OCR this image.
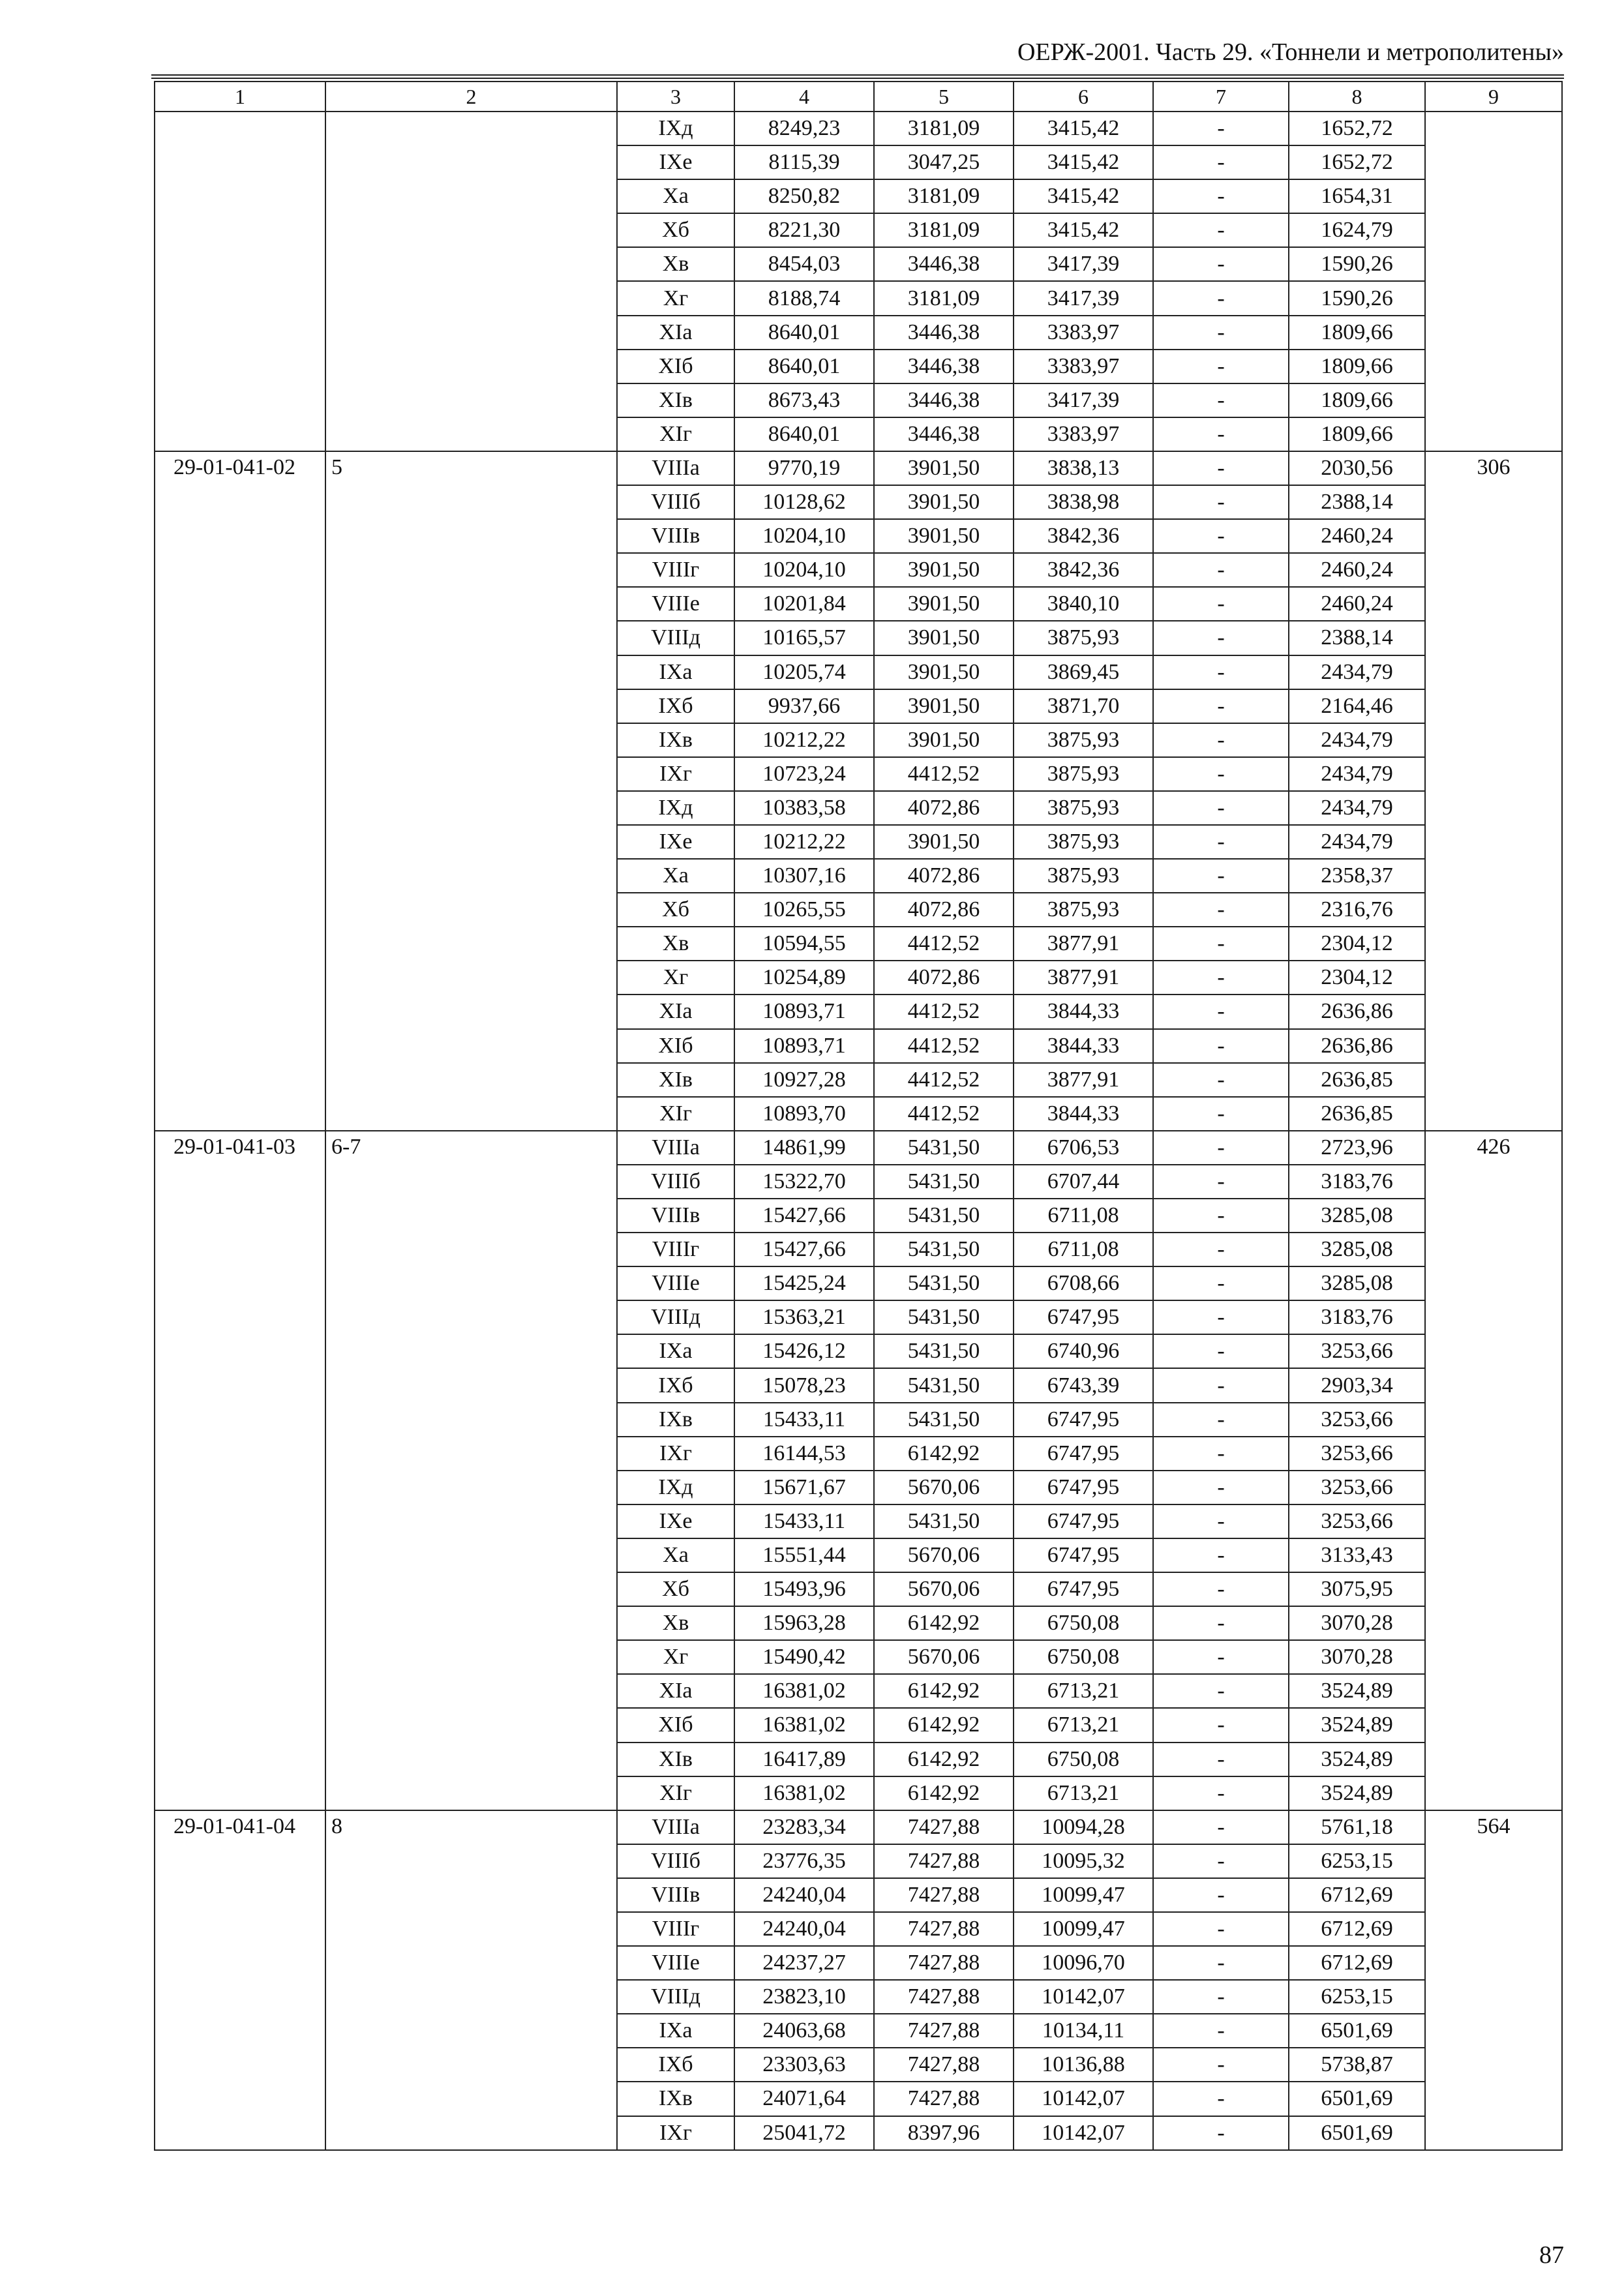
ОЕРЖ-2001. Часть 29. «Тоннели и метрополитены»
1	2	3	4	5	6	7	8	9
		IXд	8249,23	3181,09	3415,42	-	1652,72	
		IXе	8115,39	3047,25	3415,42	-	1652,72	
		Xа	8250,82	3181,09	3415,42	-	1654,31	
		Xб	8221,30	3181,09	3415,42	-	1624,79	
		Xв	8454,03	3446,38	3417,39	-	1590,26	
		Xг	8188,74	3181,09	3417,39	-	1590,26	
		XIа	8640,01	3446,38	3383,97	-	1809,66	
		XIб	8640,01	3446,38	3383,97	-	1809,66	
		XIв	8673,43	3446,38	3417,39	-	1809,66	
		XIг	8640,01	3446,38	3383,97	-	1809,66	
29-01-041-02	5	VIIIа	9770,19	3901,50	3838,13	-	2030,56	306
		VIIIб	10128,62	3901,50	3838,98	-	2388,14	
		VIIIв	10204,10	3901,50	3842,36	-	2460,24	
		VIIIг	10204,10	3901,50	3842,36	-	2460,24	
		VIIIе	10201,84	3901,50	3840,10	-	2460,24	
		VIIIд	10165,57	3901,50	3875,93	-	2388,14	
		IXа	10205,74	3901,50	3869,45	-	2434,79	
		IXб	9937,66	3901,50	3871,70	-	2164,46	
		IXв	10212,22	3901,50	3875,93	-	2434,79	
		IXг	10723,24	4412,52	3875,93	-	2434,79	
		IXд	10383,58	4072,86	3875,93	-	2434,79	
		IXе	10212,22	3901,50	3875,93	-	2434,79	
		Xа	10307,16	4072,86	3875,93	-	2358,37	
		Xб	10265,55	4072,86	3875,93	-	2316,76	
		Xв	10594,55	4412,52	3877,91	-	2304,12	
		Xг	10254,89	4072,86	3877,91	-	2304,12	
		XIа	10893,71	4412,52	3844,33	-	2636,86	
		XIб	10893,71	4412,52	3844,33	-	2636,86	
		XIв	10927,28	4412,52	3877,91	-	2636,85	
		XIг	10893,70	4412,52	3844,33	-	2636,85	
29-01-041-03	6-7	VIIIа	14861,99	5431,50	6706,53	-	2723,96	426
		VIIIб	15322,70	5431,50	6707,44	-	3183,76	
		VIIIв	15427,66	5431,50	6711,08	-	3285,08	
		VIIIг	15427,66	5431,50	6711,08	-	3285,08	
		VIIIе	15425,24	5431,50	6708,66	-	3285,08	
		VIIIд	15363,21	5431,50	6747,95	-	3183,76	
		IXа	15426,12	5431,50	6740,96	-	3253,66	
		IXб	15078,23	5431,50	6743,39	-	2903,34	
		IXв	15433,11	5431,50	6747,95	-	3253,66	
		IXг	16144,53	6142,92	6747,95	-	3253,66	
		IXд	15671,67	5670,06	6747,95	-	3253,66	
		IXе	15433,11	5431,50	6747,95	-	3253,66	
		Xа	15551,44	5670,06	6747,95	-	3133,43	
		Xб	15493,96	5670,06	6747,95	-	3075,95	
		Xв	15963,28	6142,92	6750,08	-	3070,28	
		Xг	15490,42	5670,06	6750,08	-	3070,28	
		XIа	16381,02	6142,92	6713,21	-	3524,89	
		XIб	16381,02	6142,92	6713,21	-	3524,89	
		XIв	16417,89	6142,92	6750,08	-	3524,89	
		XIг	16381,02	6142,92	6713,21	-	3524,89	
29-01-041-04	8	VIIIа	23283,34	7427,88	10094,28	-	5761,18	564
		VIIIб	23776,35	7427,88	10095,32	-	6253,15	
		VIIIв	24240,04	7427,88	10099,47	-	6712,69	
		VIIIг	24240,04	7427,88	10099,47	-	6712,69	
		VIIIе	24237,27	7427,88	10096,70	-	6712,69	
		VIIIд	23823,10	7427,88	10142,07	-	6253,15	
		IXа	24063,68	7427,88	10134,11	-	6501,69	
		IXб	23303,63	7427,88	10136,88	-	5738,87	
		IXв	24071,64	7427,88	10142,07	-	6501,69	
		IXг	25041,72	8397,96	10142,07	-	6501,69	
87
